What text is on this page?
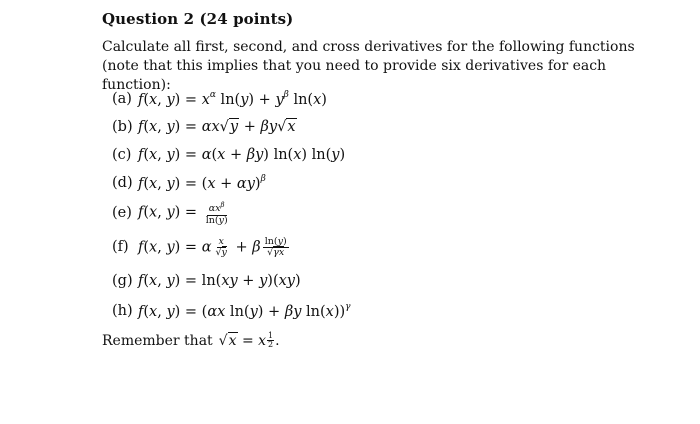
Question 2 (24 points)
Calculate all first, second, and cross derivatives for the following functions (note that this implies that you need to provide six derivatives for each function):
(a) f(x, $y) = x^\alpha$ $\ln(y) + y^\beta$ ln(x)
(b) f(x, y) = αx√y + βy√x
(c) f(x, y) = α(x + βy) ln(x) ln(y)
(d) f(x, $y) = (x + \alpha y)^\beta$
(e) f(x, $y) = \frac{\alpha x^\beta}{\ln(y)}$
(f) f(x, y) = α $\frac{x}{√y} + \beta \frac{\ln(y)}{√\gamma x}$
(g) f(x, y) = ln(xy + y)(xy)
(h) f(x, y) = (αx ln(y) + βy ln(x))$^\gamma$
Remember that √x = x $\frac{1}{2}$ .
